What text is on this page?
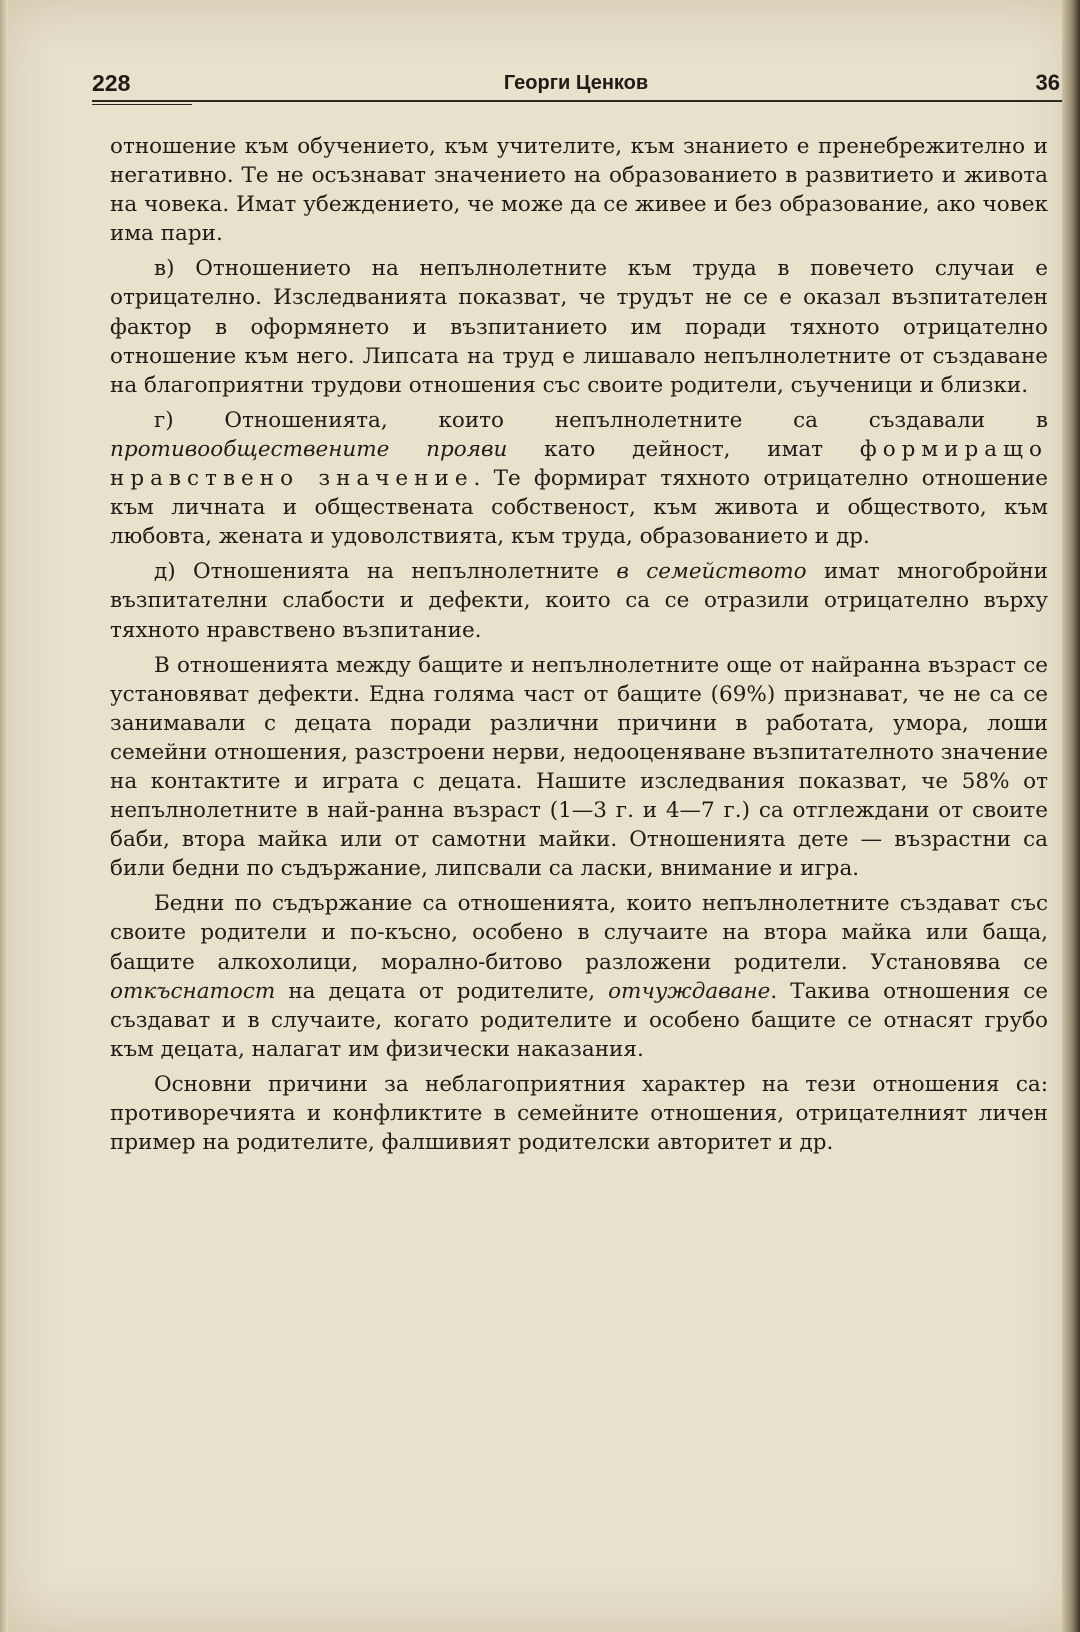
228	Георги Ценков	36

отношение към обучението, към учителите, към знанието е пренебрежително и негативно. Те не осъзнават значението на образованието в развитието и живота на човека. Имат убеждението, че може да се живее и без образование, ако човек има пари.

в) Отношението на непълнолетните към труда в повечето случаи е отрицателно. Изследванията показват, че трудът не се е оказал възпитателен фактор в оформянето и възпитанието им поради тяхното отрицателно отношение към него. Липсата на труд е лишавало непълнолетните от създаване на благоприятни трудови отношения със своите родители, съученици и близки.

г) Отношенията, които непълнолетните са създавали в противообществените прояви като дейност, имат формиращо нравствено значение. Те формират тяхното отрицателно отношение към личната и обществената собственост, към живота и обществото, към любовта, жената и удоволствията, към труда, образованието и др.

д) Отношенията на непълнолетните в семейството имат многобройни възпитателни слабости и дефекти, които са се отразили отрицателно върху тяхното нравствено възпитание.

В отношенията между бащите и непълнолетните още от найранна възраст се установяват дефекти. Една голяма част от бащите (69%) признават, че не са се занимавали с децата поради различни причини в работата, умора, лоши семейни отношения, разстроени нерви, недооценяване възпитателното значение на контактите и играта с децата. Нашите изследвания показват, че 58% от непълнолетните в най-ранна възраст (1—3 г. и 4—7 г.) са отглеждани от своите баби, втора майка или от самотни майки. Отношенията дете — възрастни са били бедни по съдържание, липсвали са ласки, внимание и игра.

Бедни по съдържание са отношенията, които непълнолетните създават със своите родители и по-късно, особено в случаите на втора майка или баща, бащите алкохолици, морално-битово разложени родители. Установява се откъснатост на децата от родителите, отчуждаване. Такива отношения се създават и в случаите, когато родителите и особено бащите се отнасят грубо към децата, налагат им физически наказания.

Основни причини за неблагоприятния характер на тези отношения са: противоречията и конфликтите в семейните отношения, отрицателният личен пример на родителите, фалшивият родителски авторитет и др.
